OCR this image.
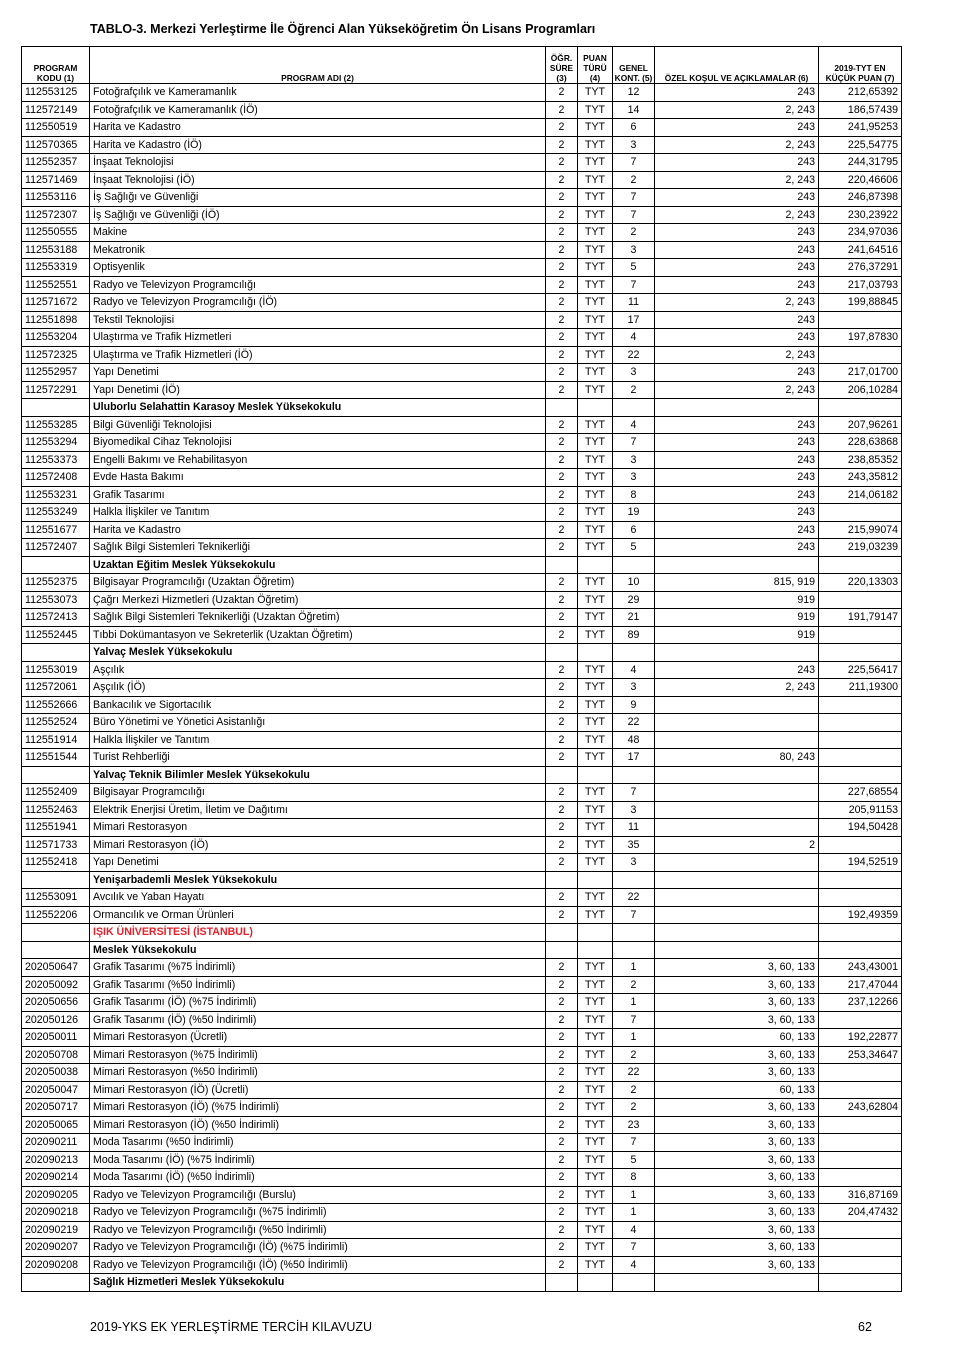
TABLO-3. Merkezi Yerleştirme İle Öğrenci Alan Yükseköğretim Ön Lisans Programları
PROGRAM KODU (1)	PROGRAM ADI (2)	ÖĞR. SÜRE (3)	PUAN TÜRÜ (4)	GENEL KONT. (5)	ÖZEL KOŞUL VE AÇIKLAMALAR (6)	2019-TYT EN KÜÇÜK PUAN (7)
112553125	Fotoğrafçılık ve Kameramanlık	2	TYT	12	243	212,65392
112572149	Fotoğrafçılık ve Kameramanlık (İÖ)	2	TYT	14	2, 243	186,57439
112550519	Harita ve Kadastro	2	TYT	6	243	241,95253
112570365	Harita ve Kadastro (İÖ)	2	TYT	3	2, 243	225,54775
112552357	İnşaat Teknolojisi	2	TYT	7	243	244,31795
112571469	İnşaat Teknolojisi (İÖ)	2	TYT	2	2, 243	220,46606
112553116	İş Sağlığı ve Güvenliği	2	TYT	7	243	246,87398
112572307	İş Sağlığı ve Güvenliği (İÖ)	2	TYT	7	2, 243	230,23922
112550555	Makine	2	TYT	2	243	234,97036
112553188	Mekatronik	2	TYT	3	243	241,64516
112553319	Optisyenlik	2	TYT	5	243	276,37291
112552551	Radyo ve Televizyon Programcılığı	2	TYT	7	243	217,03793
112571672	Radyo ve Televizyon Programcılığı (İÖ)	2	TYT	11	2, 243	199,88845
112551898	Tekstil Teknolojisi	2	TYT	17	243	
112553204	Ulaştırma ve Trafik Hizmetleri	2	TYT	4	243	197,87830
112572325	Ulaştırma ve Trafik Hizmetleri (İÖ)	2	TYT	22	2, 243	
112552957	Yapı Denetimi	2	TYT	3	243	217,01700
112572291	Yapı Denetimi (İÖ)	2	TYT	2	2, 243	206,10284
	Uluborlu Selahattin Karasoy Meslek Yüksekokulu					
112553285	Bilgi Güvenliği Teknolojisi	2	TYT	4	243	207,96261
112553294	Biyomedikal Cihaz Teknolojisi	2	TYT	7	243	228,63868
112553373	Engelli Bakımı ve Rehabilitasyon	2	TYT	3	243	238,85352
112572408	Evde Hasta Bakımı	2	TYT	3	243	243,35812
112553231	Grafik Tasarımı	2	TYT	8	243	214,06182
112553249	Halkla İlişkiler ve Tanıtım	2	TYT	19	243	
112551677	Harita ve Kadastro	2	TYT	6	243	215,99074
112572407	Sağlık Bilgi Sistemleri Teknikerliği	2	TYT	5	243	219,03239
	Uzaktan Eğitim Meslek Yüksekokulu					
112552375	Bilgisayar Programcılığı (Uzaktan Öğretim)	2	TYT	10	815, 919	220,13303
112553073	Çağrı Merkezi Hizmetleri (Uzaktan Öğretim)	2	TYT	29	919	
112572413	Sağlık Bilgi Sistemleri Teknikerliği (Uzaktan Öğretim)	2	TYT	21	919	191,79147
112552445	Tıbbi Dokümantasyon ve Sekreterlik (Uzaktan Öğretim)	2	TYT	89	919	
	Yalvaç Meslek Yüksekokulu					
112553019	Aşçılık	2	TYT	4	243	225,56417
112572061	Aşçılık (İÖ)	2	TYT	3	2, 243	211,19300
112552666	Bankacılık ve Sigortacılık	2	TYT	9		
112552524	Büro Yönetimi ve Yönetici Asistanlığı	2	TYT	22		
112551914	Halkla İlişkiler ve Tanıtım	2	TYT	48		
112551544	Turist Rehberliği	2	TYT	17	80, 243	
	Yalvaç Teknik Bilimler Meslek Yüksekokulu					
112552409	Bilgisayar Programcılığı	2	TYT	7		227,68554
112552463	Elektrik Enerjisi Üretim, İletim ve Dağıtımı	2	TYT	3		205,91153
112551941	Mimari Restorasyon	2	TYT	11		194,50428
112571733	Mimari Restorasyon (İÖ)	2	TYT	35	2	
112552418	Yapı Denetimi	2	TYT	3		194,52519
	Yenişarbademli Meslek Yüksekokulu					
112553091	Avcılık ve Yaban Hayatı	2	TYT	22		
112552206	Ormancılık ve Orman Ürünleri	2	TYT	7		192,49359
	IŞIK ÜNİVERSİTESİ (İSTANBUL)					
	Meslek Yüksekokulu					
202050647	Grafik Tasarımı (%75 İndirimli)	2	TYT	1	3, 60, 133	243,43001
202050092	Grafik Tasarımı (%50 İndirimli)	2	TYT	2	3, 60, 133	217,47044
202050656	Grafik Tasarımı (İÖ) (%75 İndirimli)	2	TYT	1	3, 60, 133	237,12266
202050126	Grafik Tasarımı (İÖ) (%50 İndirimli)	2	TYT	7	3, 60, 133	
202050011	Mimari Restorasyon (Ücretli)	2	TYT	1	60, 133	192,22877
202050708	Mimari Restorasyon (%75 İndirimli)	2	TYT	2	3, 60, 133	253,34647
202050038	Mimari Restorasyon (%50 İndirimli)	2	TYT	22	3, 60, 133	
202050047	Mimari Restorasyon (İÖ) (Ücretli)	2	TYT	2	60, 133	
202050717	Mimari Restorasyon (İÖ) (%75 İndirimli)	2	TYT	2	3, 60, 133	243,62804
202050065	Mimari Restorasyon (İÖ) (%50 İndirimli)	2	TYT	23	3, 60, 133	
202090211	Moda Tasarımı (%50 İndirimli)	2	TYT	7	3, 60, 133	
202090213	Moda Tasarımı (İÖ) (%75 İndirimli)	2	TYT	5	3, 60, 133	
202090214	Moda Tasarımı (İÖ) (%50 İndirimli)	2	TYT	8	3, 60, 133	
202090205	Radyo ve Televizyon Programcılığı (Burslu)	2	TYT	1	3, 60, 133	316,87169
202090218	Radyo ve Televizyon Programcılığı (%75 İndirimli)	2	TYT	1	3, 60, 133	204,47432
202090219	Radyo ve Televizyon Programcılığı (%50 İndirimli)	2	TYT	4	3, 60, 133	
202090207	Radyo ve Televizyon Programcılığı (İÖ) (%75 İndirimli)	2	TYT	7	3, 60, 133	
202090208	Radyo ve Televizyon Programcılığı (İÖ) (%50 İndirimli)	2	TYT	4	3, 60, 133	
	Sağlık Hizmetleri Meslek Yüksekokulu					
2019-YKS EK YERLEŞTİRME TERCİH KILAVUZU	62
